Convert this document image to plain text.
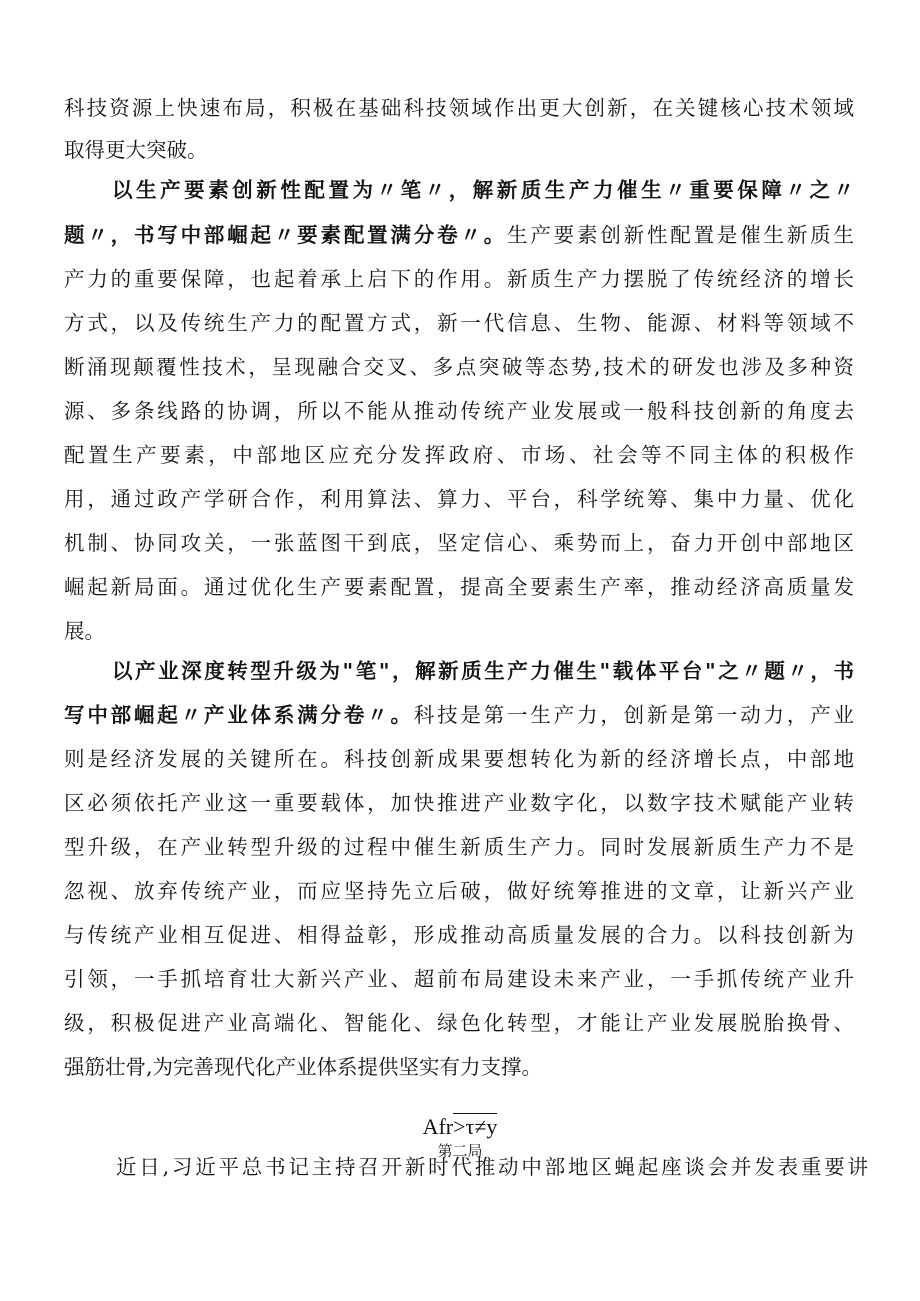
科技资源上快速布局，积极在基础科技领域作出更大创新，在关键核心技术领域
取得更大突破。
以生产要素创新性配置为〃笔〃，解新质生产力催生〃重要保障〃之〃
题〃，书写中部崛起〃要素配置满分卷〃。生产要素创新性配置是催生新质生
产力的重要保障，也起着承上启下的作用。新质生产力摆脱了传统经济的增长
方式，以及传统生产力的配置方式，新一代信息、生物、能源、材料等领域不
断涌现颠覆性技术，呈现融合交叉、多点突破等态势,技术的研发也涉及多种资
源、多条线路的协调，所以不能从推动传统产业发展或一般科技创新的角度去
配置生产要素，中部地区应充分发挥政府、市场、社会等不同主体的积极作
用，通过政产学研合作，利用算法、算力、平台，科学统筹、集中力量、优化
机制、协同攻关，一张蓝图干到底，坚定信心、乘势而上，奋力开创中部地区
崛起新局面。通过优化生产要素配置，提高全要素生产率，推动经济高质量发
展。
以产业深度转型升级为"笔"，解新质生产力催生"载体平台"之〃题〃，书
写中部崛起〃产业体系满分卷〃。科技是第一生产力，创新是第一动力，产业
则是经济发展的关键所在。科技创新成果要想转化为新的经济增长点，中部地
区必须依托产业这一重要载体，加快推进产业数字化，以数字技术赋能产业转
型升级，在产业转型升级的过程中催生新质生产力。同时发展新质生产力不是
忽视、放弃传统产业，而应坚持先立后破，做好统筹推进的文章，让新兴产业
与传统产业相互促进、相得益彰，形成推动高质量发展的合力。以科技创新为
引领，一手抓培育壮大新兴产业、超前布局建设未来产业，一手抓传统产业升
级，积极促进产业高端化、智能化、绿色化转型，才能让产业发展脱胎换骨、
强筋壮骨,为完善现代化产业体系提供坚实有力支撑。
Afr>τ≠y
第二局
近日,习近平总书记主持召开新时代推动中部地区蝇起座谈会并发表重要讲
